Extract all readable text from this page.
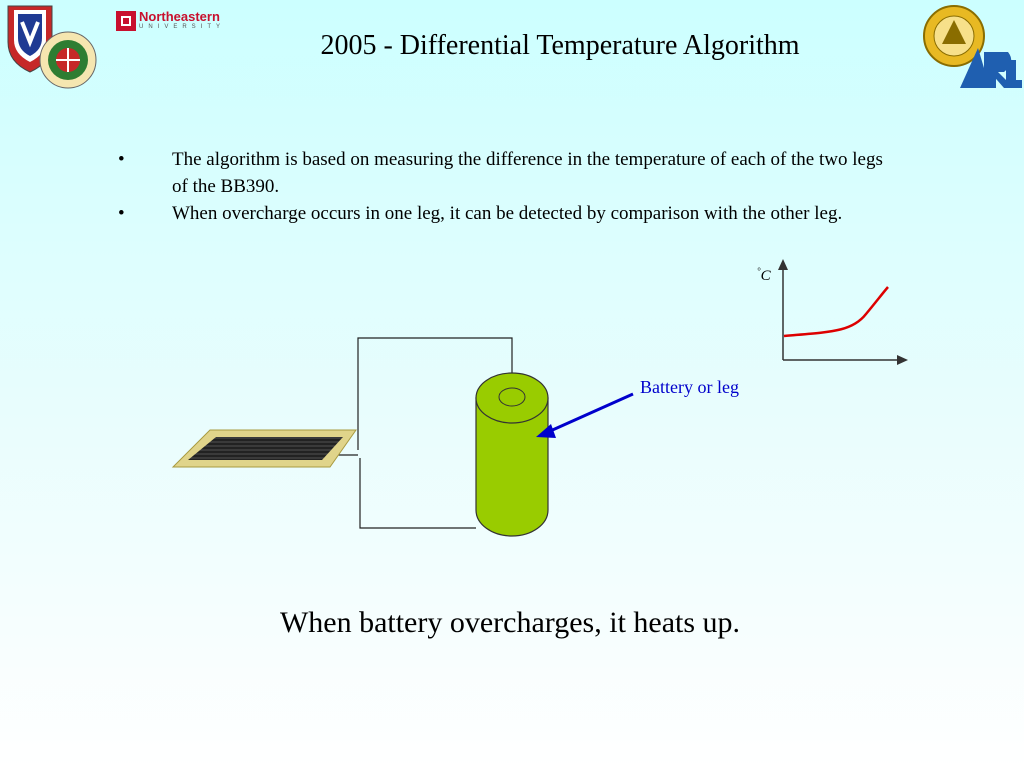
Northeastern
UNIVERSITY
2005 - Differential Temperature Algorithm
•	The algorithm is based on measuring the difference in the temperature of each of the two legs of the BB390.
•	When overcharge occurs in one leg, it can be detected by comparison with the other leg.
Battery or leg
°C
When battery overcharges, it heats up.
